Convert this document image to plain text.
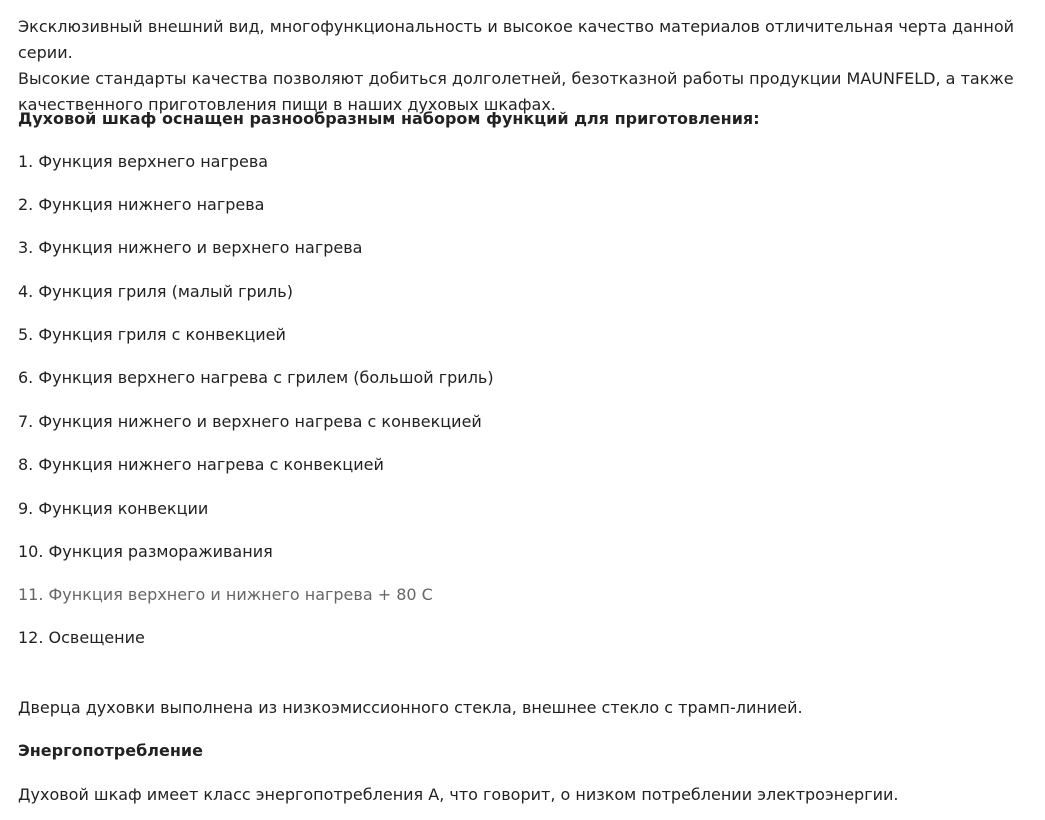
Эксклюзивный внешний вид, многофункциональность и высокое качество материалов отличительная черта данной серии.
Высокие стандарты качества позволяют добиться долголетней, безотказной работы продукции MAUNFELD, а также
качественного приготовления пищи в наших духовых шкафах.

Духовой шкаф оснащен разнообразным набором функций для приготовления:

1. Функция верхнего нагрева

2. Функция нижнего нагрева

3. Функция нижнего и верхнего нагрева

4. Функция гриля (малый гриль)

5. Функция гриля с конвекцией

6. Функция верхнего нагрева с грилем (большой гриль)

7. Функция нижнего и верхнего нагрева с конвекцией

8. Функция нижнего нагрева с конвекцией

9. Функция конвекции

10. Функция размораживания

11. Функция верхнего и нижнего нагрева + 80 С

12. Освещение

Дверца духовки выполнена из низкоэмиссионного стекла, внешнее стекло с трамп-линией.

Энергопотребление

Духовой шкаф имеет класс энергопотребления А, что говорит, о низком потреблении электроэнергии.
